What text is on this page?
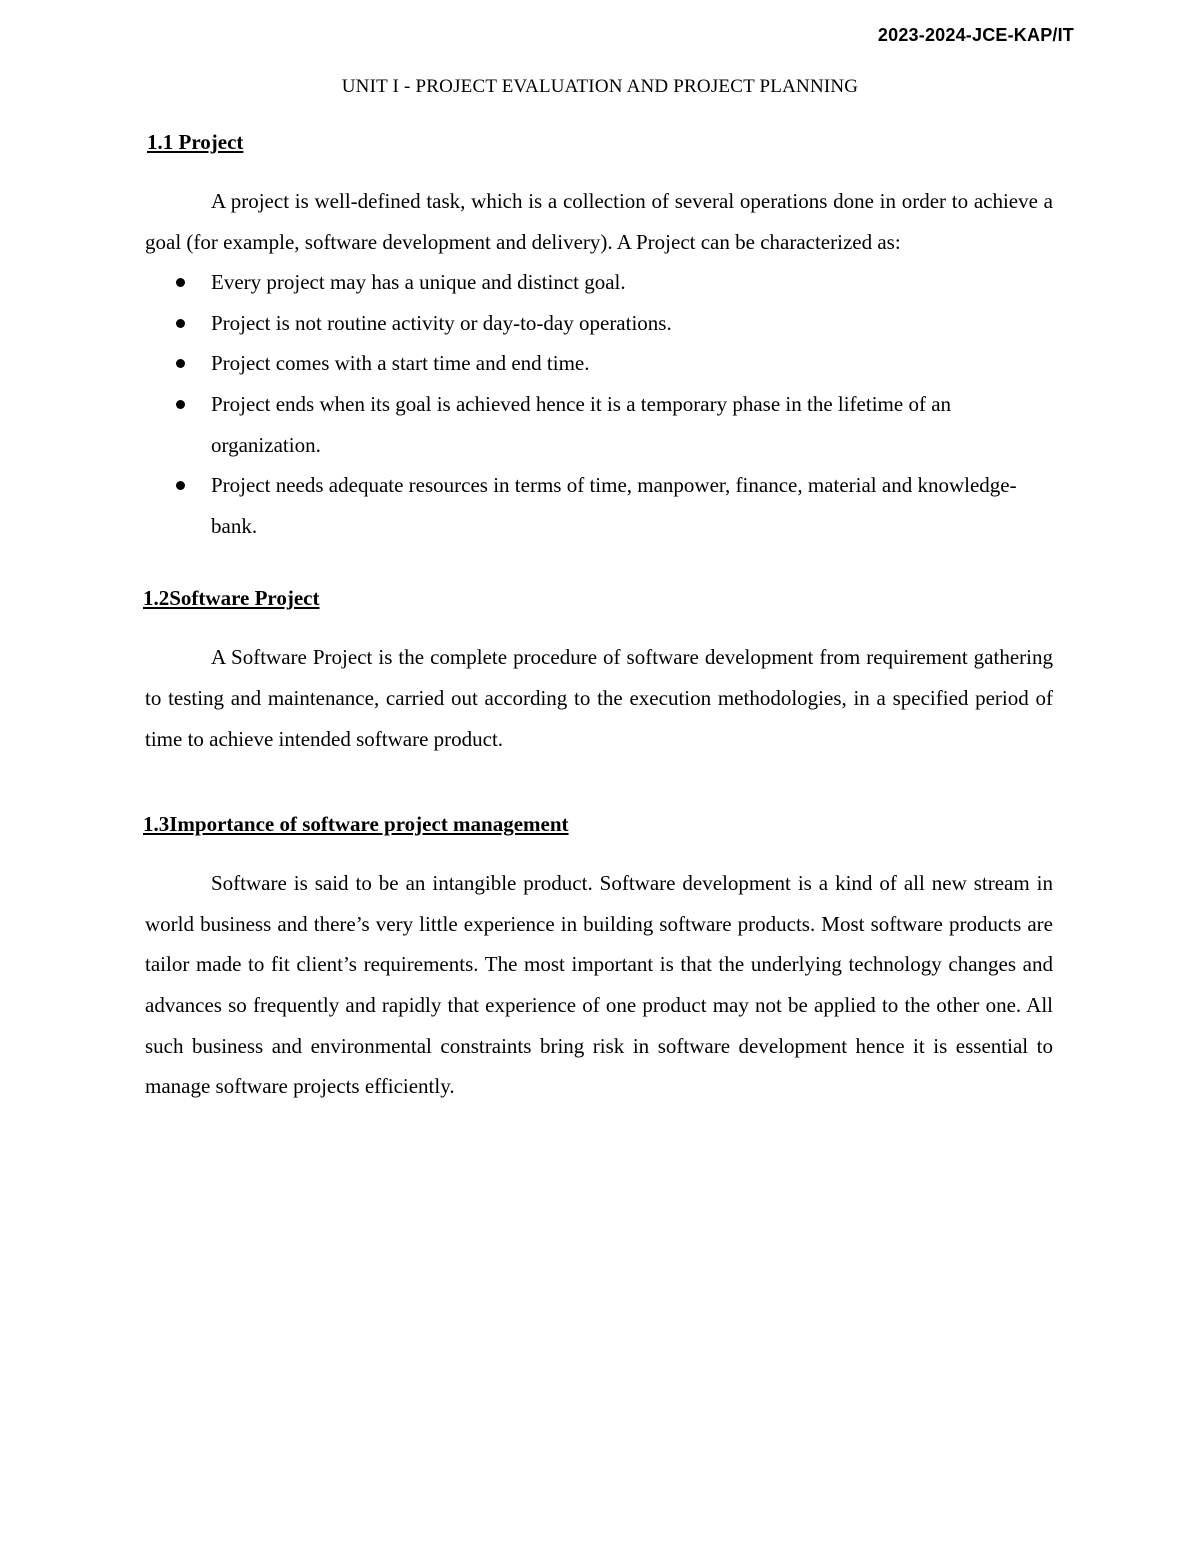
2023-2024-JCE-KAP/IT
UNIT I - PROJECT EVALUATION AND PROJECT PLANNING
1.1 Project

A project is well-defined task, which is a collection of several operations done in order to achieve a goal (for example, software development and delivery). A Project can be characterized as:

Every project may has a unique and distinct goal.
Project is not routine activity or day-to-day operations.
Project comes with a start time and end time.
Project ends when its goal is achieved hence it is a temporary phase in the lifetime of an organization.
Project needs adequate resources in terms of time, manpower, finance, material and knowledge-bank.
1.2Software Project

A Software Project is the complete procedure of software development from requirement gathering to testing and maintenance, carried out according to the execution methodologies, in a specified period of time to achieve intended software product.

1.3Importance of software project management

Software is said to be an intangible product. Software development is a kind of all new stream in world business and there’s very little experience in building software products. Most software products are tailor made to fit client’s requirements. The most important is that the underlying technology changes and advances so frequently and rapidly that experience of one product may not be applied to the other one. All such business and environmental constraints bring risk in software development hence it is essential to manage software projects efficiently.
